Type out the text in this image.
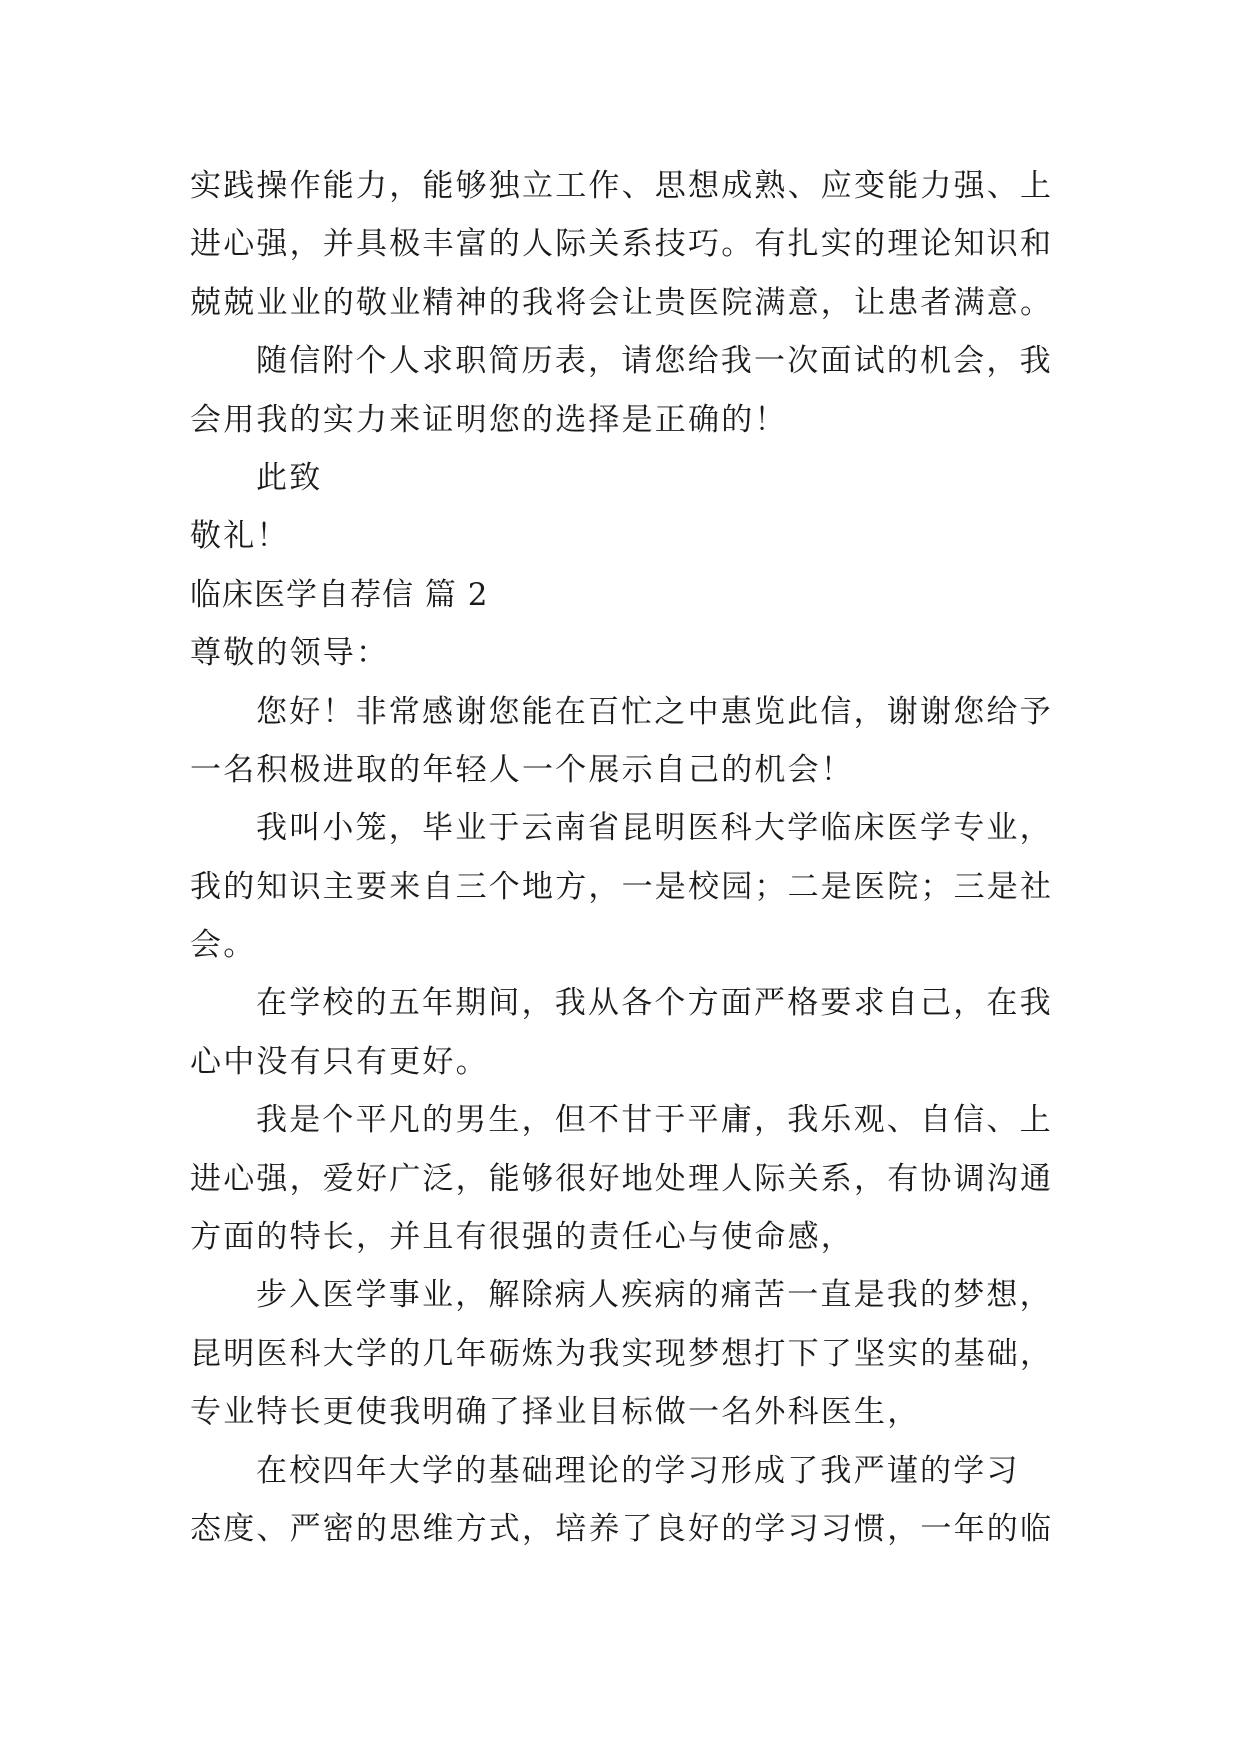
实践操作能力，能够独立工作、思想成熟、应变能力强、上
进心强，并具极丰富的人际关系技巧。有扎实的理论知识和
兢兢业业的敬业精神的我将会让贵医院满意，让患者满意。
随信附个人求职简历表，请您给我一次面试的机会，我
会用我的实力来证明您的选择是正确的！
此致
敬礼！
临床医学自荐信 篇 2
尊敬的领导：
您好！非常感谢您能在百忙之中惠览此信，谢谢您给予
一名积极进取的年轻人一个展示自己的机会！
我叫小笼，毕业于云南省昆明医科大学临床医学专业，
我的知识主要来自三个地方，一是校园；二是医院；三是社
会。
在学校的五年期间，我从各个方面严格要求自己，在我
心中没有只有更好。
我是个平凡的男生，但不甘于平庸，我乐观、自信、上
进心强，爱好广泛，能够很好地处理人际关系，有协调沟通
方面的特长，并且有很强的责任心与使命感，
步入医学事业，解除病人疾病的痛苦一直是我的梦想，
昆明医科大学的几年砺炼为我实现梦想打下了坚实的基础，
专业特长更使我明确了择业目标做一名外科医生，
在校四年大学的基础理论的学习形成了我严谨的学习
态度、严密的思维方式，培养了良好的学习习惯，一年的临
